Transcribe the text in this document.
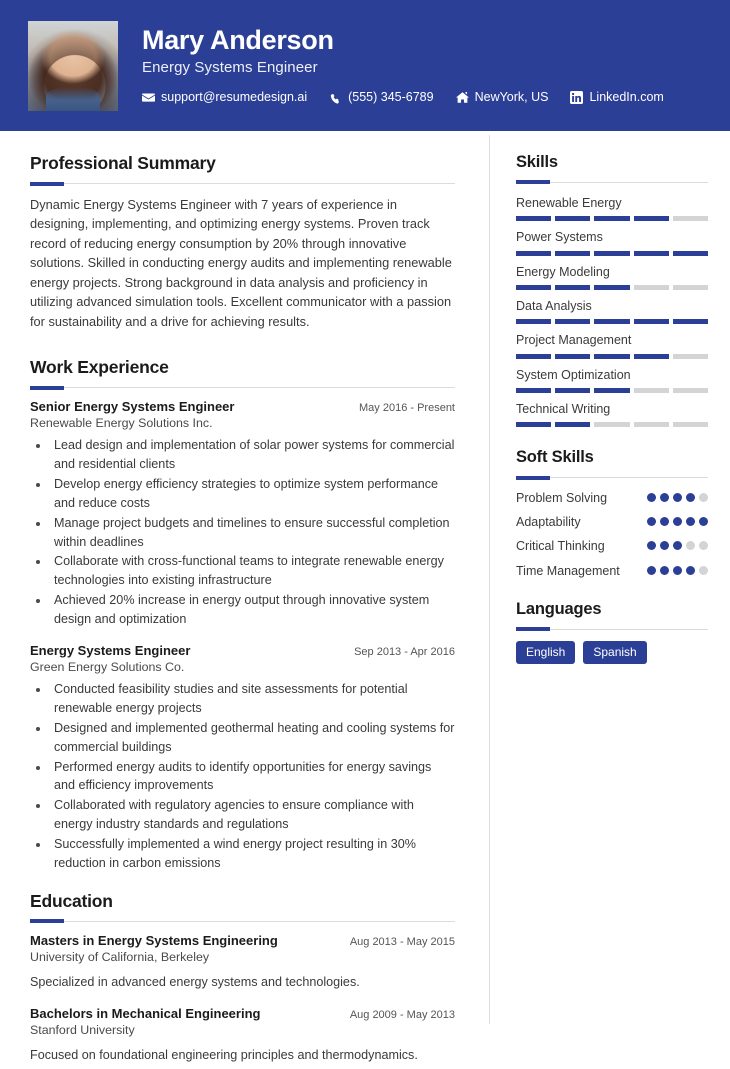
Mary Anderson
Energy Systems Engineer
support@resumedesign.ai	(555) 345-6789	NewYork, US	LinkedIn.com
Professional Summary

Dynamic Energy Systems Engineer with 7 years of experience in designing, implementing, and optimizing energy systems. Proven track record of reducing energy consumption by 20% through innovative solutions. Skilled in conducting energy audits and implementing renewable energy projects. Strong background in data analysis and proficiency in utilizing advanced simulation tools. Excellent communicator with a passion for sustainability and a drive for achieving results.

Work Experience
Senior Energy Systems Engineer	May 2016 - Present
Renewable Energy Solutions Inc.
• Lead design and implementation of solar power systems for commercial and residential clients
• Develop energy efficiency strategies to optimize system performance and reduce costs
• Manage project budgets and timelines to ensure successful completion within deadlines
• Collaborate with cross-functional teams to integrate renewable energy technologies into existing infrastructure
• Achieved 20% increase in energy output through innovative system design and optimization
Energy Systems Engineer	Sep 2013 - Apr 2016
Green Energy Solutions Co.
• Conducted feasibility studies and site assessments for potential renewable energy projects
• Designed and implemented geothermal heating and cooling systems for commercial buildings
• Performed energy audits to identify opportunities for energy savings and efficiency improvements
• Collaborated with regulatory agencies to ensure compliance with energy industry standards and regulations
• Successfully implemented a wind energy project resulting in 30% reduction in carbon emissions
Education
Masters in Energy Systems Engineering	Aug 2013 - May 2015
University of California, Berkeley
Specialized in advanced energy systems and technologies.
Bachelors in Mechanical Engineering	Aug 2009 - May 2013
Stanford University
Focused on foundational engineering principles and thermodynamics.
Skills
Renewable Energy
Power Systems
Energy Modeling
Data Analysis
Project Management
System Optimization
Technical Writing
Soft Skills
Problem Solving
Adaptability
Critical Thinking
Time Management
Languages
English	Spanish
